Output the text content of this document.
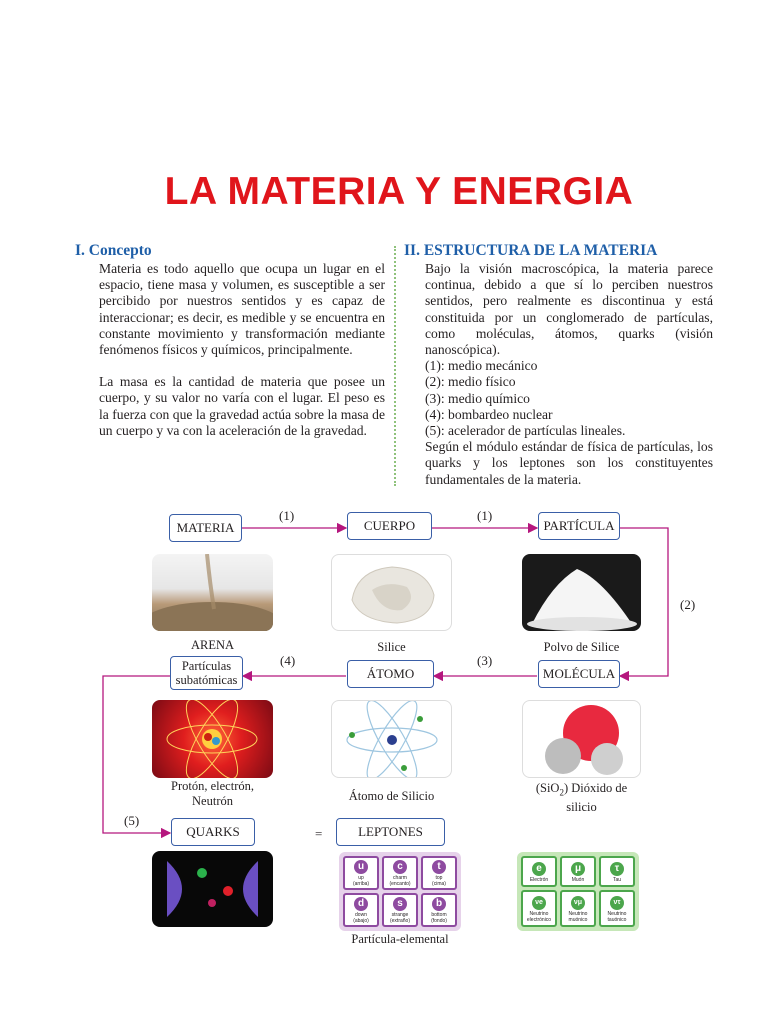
LA MATERIA Y ENERGIA
I. Concepto
Materia es todo aquello que ocupa un lugar en el espacio, tiene masa y volumen, es susceptible a ser percibido por nuestros sentidos y es capaz de interaccionar; es decir, es medible y se encuentra en constante movimiento y transformación mediante fenómenos físicos y químicos, principalmente.
La masa es la cantidad de materia que posee un cuerpo, y su valor no varía con el lugar. El peso es la fuerza con que la gravedad actúa sobre la masa de un cuerpo y va con la aceleración de la gravedad.
II. ESTRUCTURA DE LA MATERIA
Bajo la visión macroscópica, la materia parece continua, debido a que sí lo perciben nuestros sentidos, pero realmente es discontinua y está constituida por un conglomerado de partículas, como moléculas, átomos, quarks (visión nanoscópica).
(1): medio mecánico
(2): medio físico
(3): medio químico
(4): bombardeo nuclear
(5): acelerador de partículas lineales.
Según el módulo estándar de física de partículas, los quarks y los leptones son los constituyentes fundamentales de la materia.
MATERIA	CUERPO	PARTÍCULA
(1)	(1)
(2)
(4)	(3)
(5)
ARENA	Silice	Polvo de Silice
Partículas subatómicas	ÁTOMO	MOLÉCULA
Protón, electrón, Neutrón	Átomo de Silicio
(SiO$_2$) Dióxido de silicio
QUARKS	=	LEPTONES
u
up
(arriba)
c
charm
(encanto)
t
top
(cima)
d
down
(abajo)
s
strange
(extraño)
b
bottom
(fondo)
e
Electrón
μ
Muón
τ
Tau
νe
Neutrino
electrónico
νμ
Neutrino
muónico
ντ
Neutrino
tauónico
Partícula-elemental
